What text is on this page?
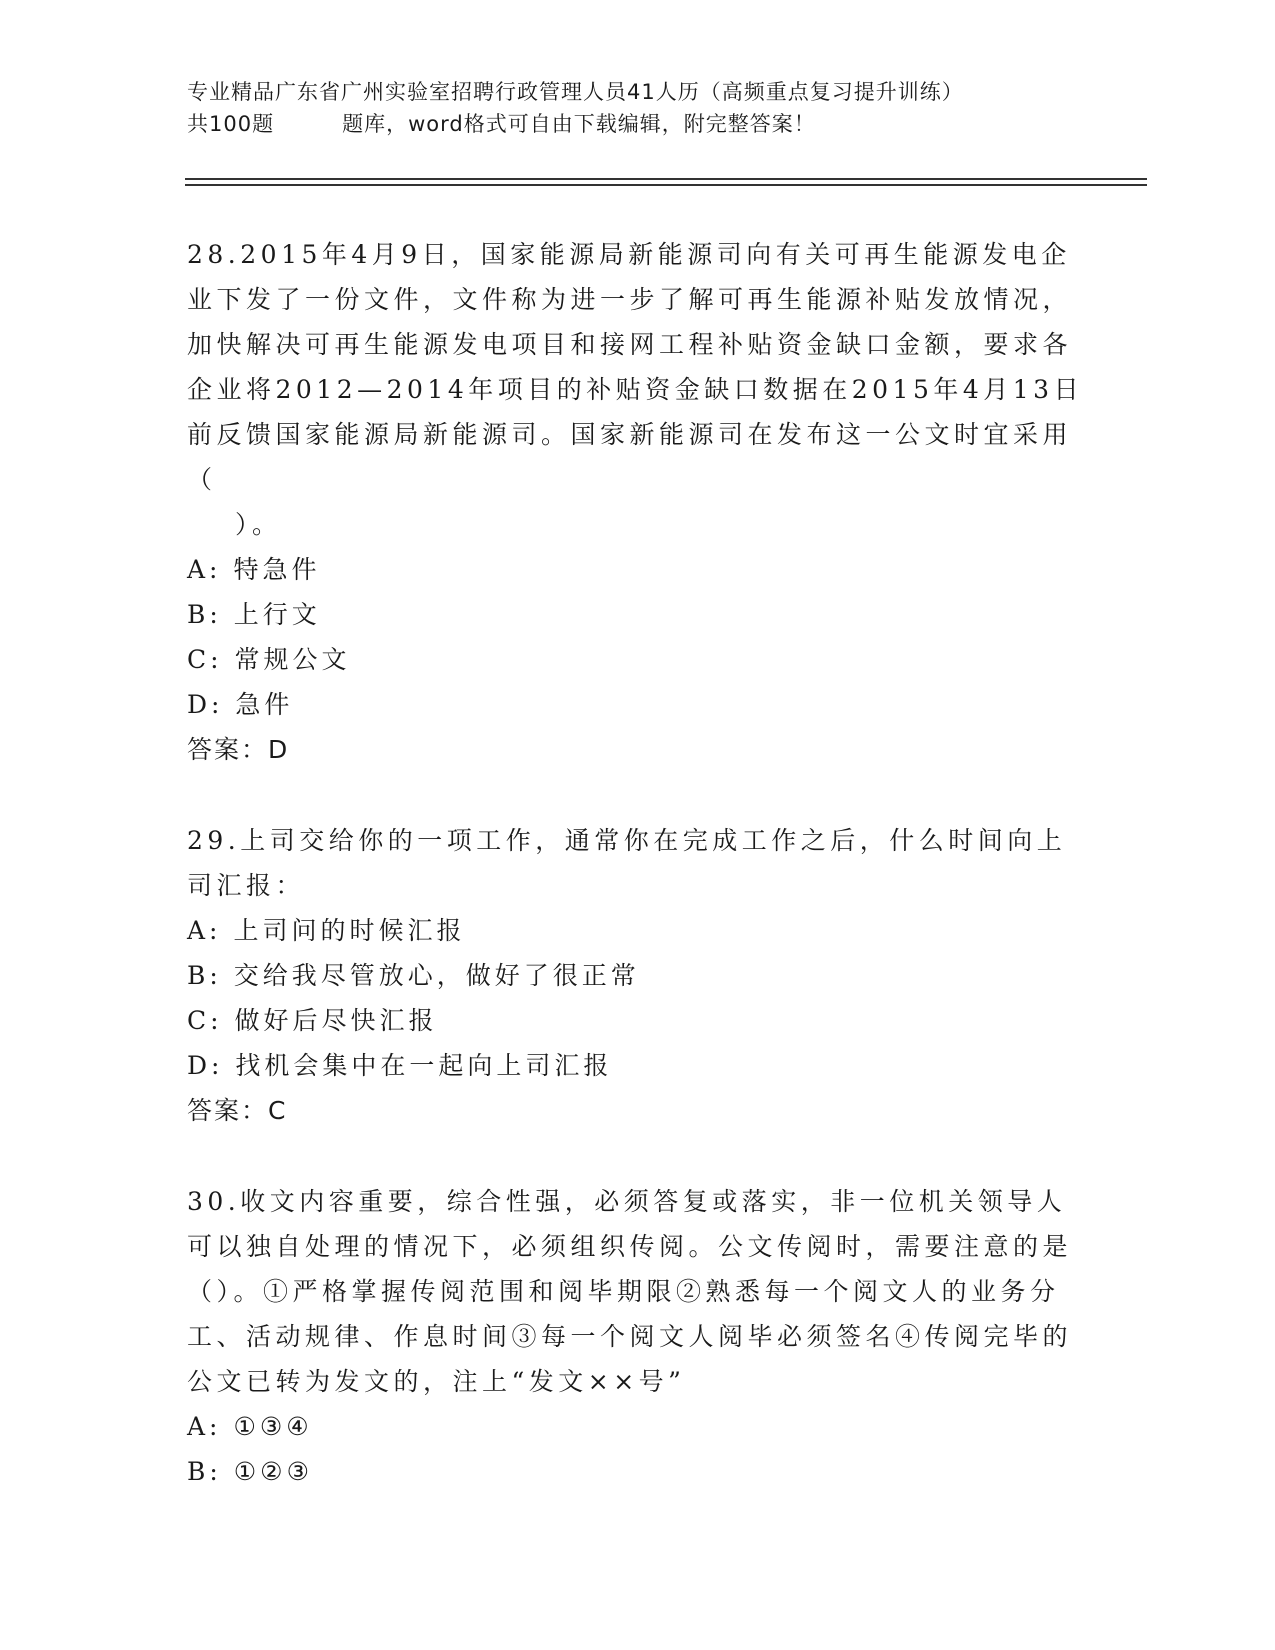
专业精品广东省广州实验室招聘行政管理人员41人历（高频重点复习提升训练）
共100题	题库，word格式可自由下载编辑，附完整答案！

28.2015年4月9日，国家能源局新能源司向有关可再生能源发电企业下发了一份文件，文件称为进一步了解可再生能源补贴发放情况，加快解决可再生能源发电项目和接网工程补贴资金缺口金额，要求各企业将2012—2014年项目的补贴资金缺口数据在2015年4月13日前反馈国家能源局新能源司。国家新能源司在发布这一公文时宜采用（
）。

A: 特急件

B: 上行文

C: 常规公文

D: 急件

答案：D

29.上司交给你的一项工作，通常你在完成工作之后，什么时间向上司汇报：

A: 上司问的时候汇报

B: 交给我尽管放心，做好了很正常

C: 做好后尽快汇报

D: 找机会集中在一起向上司汇报

答案：C

30.收文内容重要，综合性强，必须答复或落实，非一位机关领导人可以独自处理的情况下，必须组织传阅。公文传阅时，需要注意的是（）。①严格掌握传阅范围和阅毕期限②熟悉每一个阅文人的业务分工、活动规律、作息时间③每一个阅文人阅毕必须签名④传阅完毕的公文已转为发文的，注上“发文××号”

A: ①③④

B: ①②③
